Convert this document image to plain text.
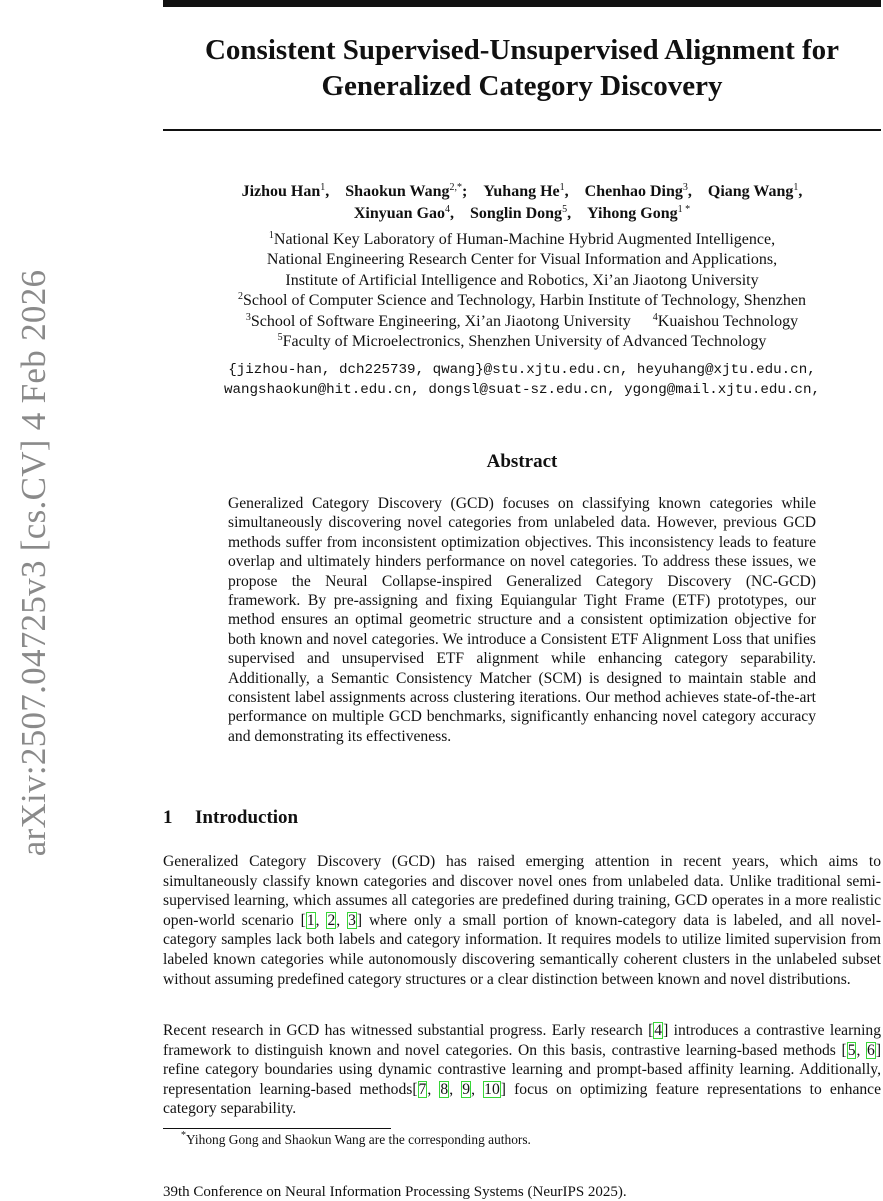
arXiv:2507.04725v3 [cs.CV] 4 Feb 2026
Consistent Supervised-Unsupervised Alignment for
Generalized Category Discovery
Jizhou Han$^1$, Shaokun Wang$^{2,*}$; Yuhang He$^1$, Chenhao Ding$^3$, Qiang Wang$^1$,
Xinyuan Gao$^4$, Songlin Dong$^5$, Yihong Gong$^{1 *}$
$^1$National Key Laboratory of Human-Machine Hybrid Augmented Intelligence,
National Engineering Research Center for Visual Information and Applications,
Institute of Artificial Intelligence and Robotics, Xi’an Jiaotong University
$^2$School of Computer Science and Technology, Harbin Institute of Technology, Shenzhen
$^3$School of Software Engineering, Xi’an Jiaotong University $^4$Kuaishou Technology
$^5$Faculty of Microelectronics, Shenzhen University of Advanced Technology
{jizhou-han, dch225739, qwang}@stu.xjtu.edu.cn, heyuhang@xjtu.edu.cn,
wangshaokun@hit.edu.cn, dongsl@suat-sz.edu.cn, ygong@mail.xjtu.edu.cn,
Abstract

Generalized Category Discovery (GCD) focuses on classifying known categories while simultaneously discovering novel categories from unlabeled data. However, previous GCD methods suffer from inconsistent optimization objectives. This inconsistency leads to feature overlap and ultimately hinders performance on novel categories. To address these issues, we propose the Neural Collapse-inspired Generalized Category Discovery (NC-GCD) framework. By pre-assigning and fixing Equiangular Tight Frame (ETF) prototypes, our method ensures an optimal geometric structure and a consistent optimization objective for both known and novel categories. We introduce a Consistent ETF Alignment Loss that unifies supervised and unsupervised ETF alignment while enhancing category separability. Additionally, a Semantic Consistency Matcher (SCM) is designed to maintain stable and consistent label assignments across clustering iterations. Our method achieves state-of-the-art performance on multiple GCD benchmarks, significantly enhancing novel category accuracy and demonstrating its effectiveness.

1 Introduction

Generalized Category Discovery (GCD) has raised emerging attention in recent years, which aims to simultaneously classify known categories and discover novel ones from unlabeled data. Unlike traditional semi-supervised learning, which assumes all categories are predefined during training, GCD operates in a more realistic open-world scenario [1, 2, 3] where only a small portion of known-category data is labeled, and all novel-category samples lack both labels and category information. It requires models to utilize limited supervision from labeled known categories while autonomously discovering semantically coherent clusters in the unlabeled subset without assuming predefined category structures or a clear distinction between known and novel distributions.

Recent research in GCD has witnessed substantial progress. Early research [4] introduces a contrastive learning framework to distinguish known and novel categories. On this basis, contrastive learning-based methods [5, 6] refine category boundaries using dynamic contrastive learning and prompt-based affinity learning. Additionally, representation learning-based methods[7, 8, 9, 10] focus on optimizing feature representations to enhance category separability.

*Yihong Gong and Shaokun Wang are the corresponding authors.

39th Conference on Neural Information Processing Systems (NeurIPS 2025).
